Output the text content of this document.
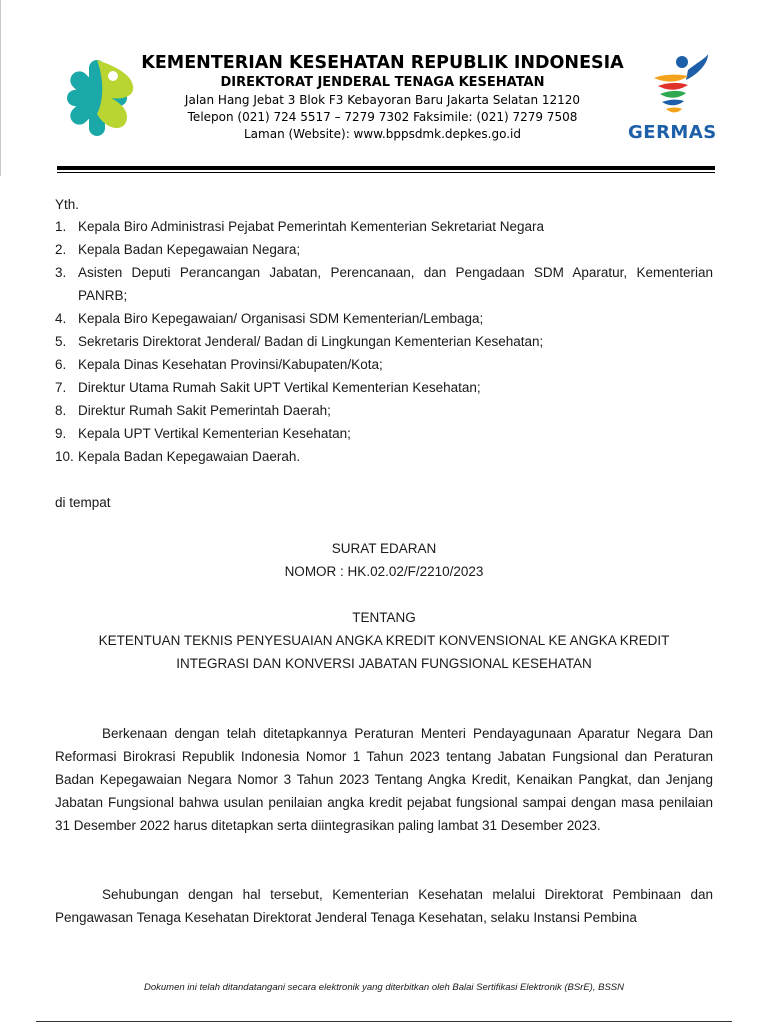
KEMENTERIAN KESEHATAN REPUBLIK INDONESIA
DIREKTORAT JENDERAL TENAGA KESEHATAN
Jalan Hang Jebat 3 Blok F3 Kebayoran Baru Jakarta Selatan 12120
Telepon (021) 724 5517 – 7279 7302 Faksimile: (021) 7279 7508
Laman (Website): www.bppsdmk.depkes.go.id	GERMAS
Yth.
1. Kepala Biro Administrasi Pejabat Pemerintah Kementerian Sekretariat Negara
2. Kepala Badan Kepegawaian Negara;
3. Asisten Deputi Perancangan Jabatan, Perencanaan, dan Pengadaan SDM Aparatur, Kementerian PANRB;
4. Kepala Biro Kepegawaian/ Organisasi SDM Kementerian/Lembaga;
5. Sekretaris Direktorat Jenderal/ Badan di Lingkungan Kementerian Kesehatan;
6. Kepala Dinas Kesehatan Provinsi/Kabupaten/Kota;
7. Direktur Utama Rumah Sakit UPT Vertikal Kementerian Kesehatan;
8. Direktur Rumah Sakit Pemerintah Daerah;
9. Kepala UPT Vertikal Kementerian Kesehatan;
10. Kepala Badan Kepegawaian Daerah.
di tempat
SURAT EDARAN
NOMOR : HK.02.02/F/2210/2023
TENTANG
KETENTUAN TEKNIS PENYESUAIAN ANGKA KREDIT KONVENSIONAL KE ANGKA KREDIT
INTEGRASI DAN KONVERSI JABATAN FUNGSIONAL KESEHATAN

Berkenaan dengan telah ditetapkannya Peraturan Menteri Pendayagunaan Aparatur Negara Dan Reformasi Birokrasi Republik Indonesia Nomor 1 Tahun 2023 tentang Jabatan Fungsional dan Peraturan Badan Kepegawaian Negara Nomor 3 Tahun 2023 Tentang Angka Kredit, Kenaikan Pangkat, dan Jenjang Jabatan Fungsional bahwa usulan penilaian angka kredit pejabat fungsional sampai dengan masa penilaian 31 Desember 2022 harus ditetapkan serta diintegrasikan paling lambat 31 Desember 2023.

Sehubungan dengan hal tersebut, Kementerian Kesehatan melalui Direktorat Pembinaan dan Pengawasan Tenaga Kesehatan Direktorat Jenderal Tenaga Kesehatan, selaku Instansi Pembina

Dokumen ini telah ditandatangani secara elektronik yang diterbitkan oleh Balai Sertifikasi Elektronik (BSrE), BSSN
